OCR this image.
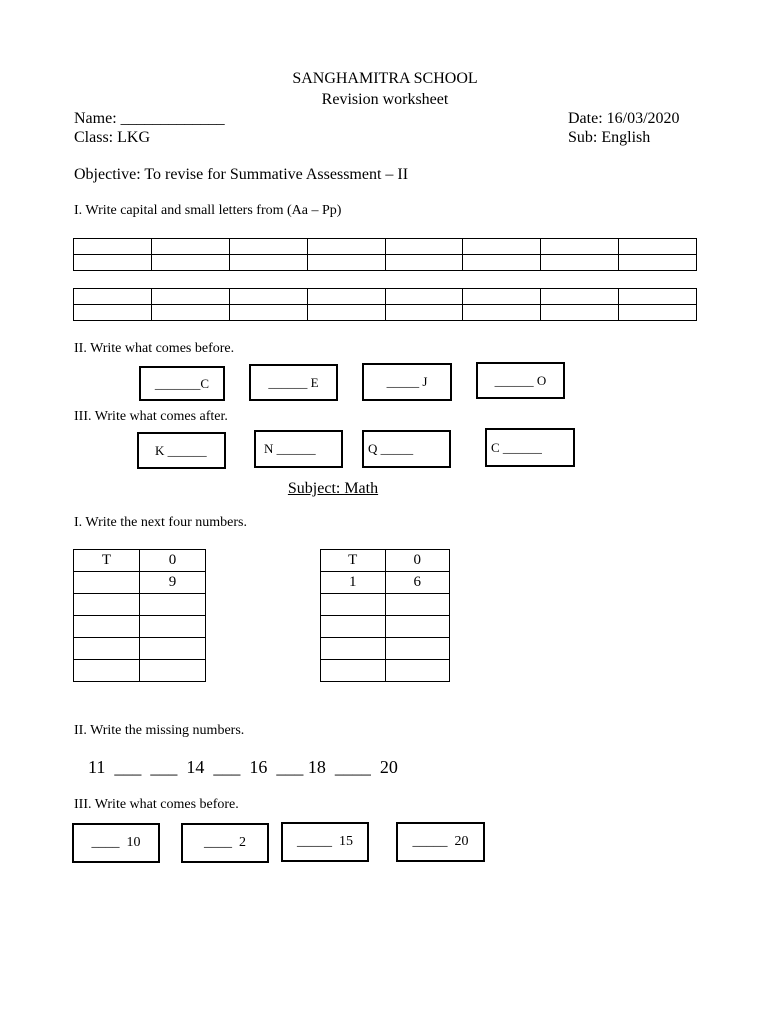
SANGHAMITRA SCHOOL
Revision worksheet
Name: _____________
Class: LKG
Date: 16/03/2020
Sub: English
Objective: To revise for Summative Assessment – II
I. Write capital and small letters from (Aa – Pp)

II. Write what comes before.
_______C	______ E	_____ J	______ O
III. Write what comes after.
K ______	N ______	Q _____	C ______
Subject: Math
I. Write the next four numbers.
T	0
	9

T	0
1	6

II. Write the missing numbers.
11  ___  ___  14  ___  16  ___ 18  ____  20
III. Write what comes before.
____  10	____  2	_____  15	_____  20
